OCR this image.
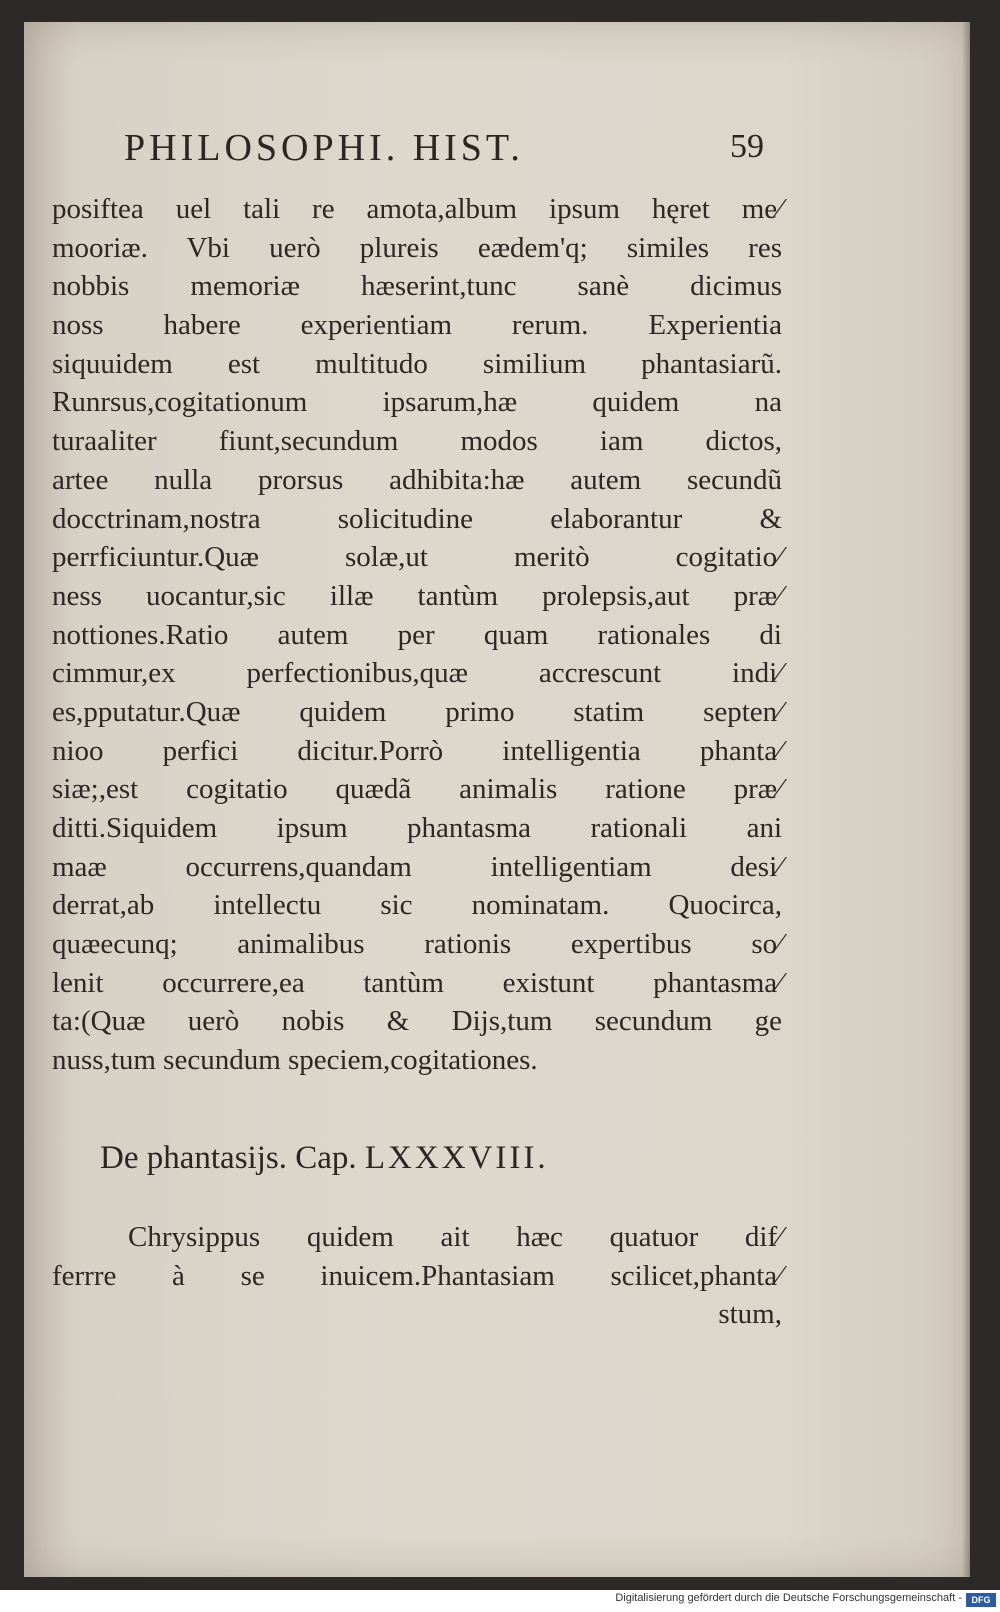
PHILOSOPHI. HIST.	59
posiftea uel tali re amota,album ipsum hęret me⁄
mooriæ. Vbi uerò plureis eædem'q; similes res
nobbis memoriæ hæserint,tunc sanè dicimus
noss habere experientiam rerum. Experientia
siquuidem est multitudo similium phantasiarũ.
Runrsus,cogitationum ipsarum,hæ quidem na
turaaliter fiunt,secundum modos iam dictos,
artee nulla prorsus adhibita:hæ autem secundũ
docctrinam,nostra solicitudine elaborantur &
perrficiuntur.Quæ solæ,ut meritò cogitatio⁄
ness uocantur,sic illæ tantùm prolepsis,aut præ⁄
nottiones.Ratio autem per quam rationales di
cimmur,ex perfectionibus,quæ accrescunt indi⁄
es,pputatur.Quæ quidem primo statim septen⁄
nioo perfici dicitur.Porrò intelligentia phanta⁄
siæ;,est cogitatio quædã animalis ratione præ⁄
ditti.Siquidem ipsum phantasma rationali ani
maæ occurrens,quandam intelligentiam desi⁄
derrat,ab intellectu sic nominatam. Quocirca,
quæecunq; animalibus rationis expertibus so⁄
lenit occurrere,ea tantùm existunt phantasma⁄
ta:(Quæ uerò nobis & Dijs,tum secundum ge
nuss,tum secundum speciem,cogitationes.
De phantasijs. Cap. LXXXVIII.
Chrysippus quidem ait hæc quatuor dif⁄
ferrre à se inuicem.Phantasiam scilicet,phanta⁄
stum,
Digitalisierung gefördert durch die Deutsche Forschungsgemeinschaft -	DFG
